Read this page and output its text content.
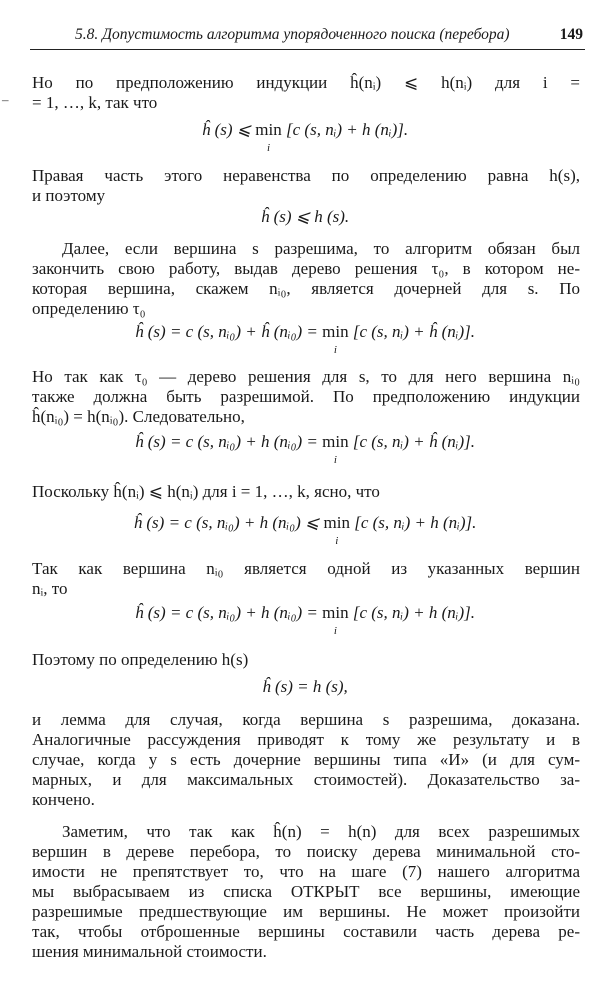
5.8. Допустимость алгоритма упорядоченного поиска (перебора)	149
–
Но по предположению индукции ĥ(nᵢ) ⩽ h(nᵢ) для i =
= 1, …, k, так что
ĥ (s) ⩽ min i [c (s, nᵢ) + h (nᵢ)].
Правая часть этого неравенства по определению равна h(s),
и поэтому
ĥ (s) ⩽ h (s).
Далее, если вершина s разрешима, то алгоритм обязан был
закончить свою работу, выдав дерево решения τ₀, в котором не-
которая вершина, скажем nᵢ₀, является дочерней для s. По
определению τ₀
ĥ (s) = c (s, nᵢ₀) + ĥ (nᵢ₀) = min i [c (s, nᵢ) + ĥ (nᵢ)].
Но так как τ₀ — дерево решения для s, то для него вершина nᵢ₀
также должна быть разрешимой. По предположению индукции
ĥ(nᵢ₀) = h(nᵢ₀). Следовательно,
ĥ (s) = c (s, nᵢ₀) + h (nᵢ₀) = min i [c (s, nᵢ) + ĥ (nᵢ)].
Поскольку ĥ(nᵢ) ⩽ h(nᵢ) для i = 1, …, k, ясно, что
ĥ (s) = c (s, nᵢ₀) + h (nᵢ₀) ⩽ min i [c (s, nᵢ) + h (nᵢ)].
Так как вершина nᵢ₀ является одной из указанных вершин
nᵢ, то
ĥ (s) = c (s, nᵢ₀) + h (nᵢ₀) = min i [c (s, nᵢ) + h (nᵢ)].
Поэтому по определению h(s)
ĥ (s) = h (s),
и лемма для случая, когда вершина s разрешима, доказана.
Аналогичные рассуждения приводят к тому же результату и в
случае, когда у s есть дочерние вершины типа «И» (и для сум-
марных, и для максимальных стоимостей). Доказательство за-
кончено.
Заметим, что так как ĥ(n) = h(n) для всех разрешимых
вершин в дереве перебора, то поиску дерева минимальной сто-
имости не препятствует то, что на шаге (7) нашего алгоритма
мы выбрасываем из списка ОТКРЫТ все вершины, имеющие
разрешимые предшествующие им вершины. Не может произойти
так, чтобы отброшенные вершины составили часть дерева ре-
шения минимальной стоимости.
